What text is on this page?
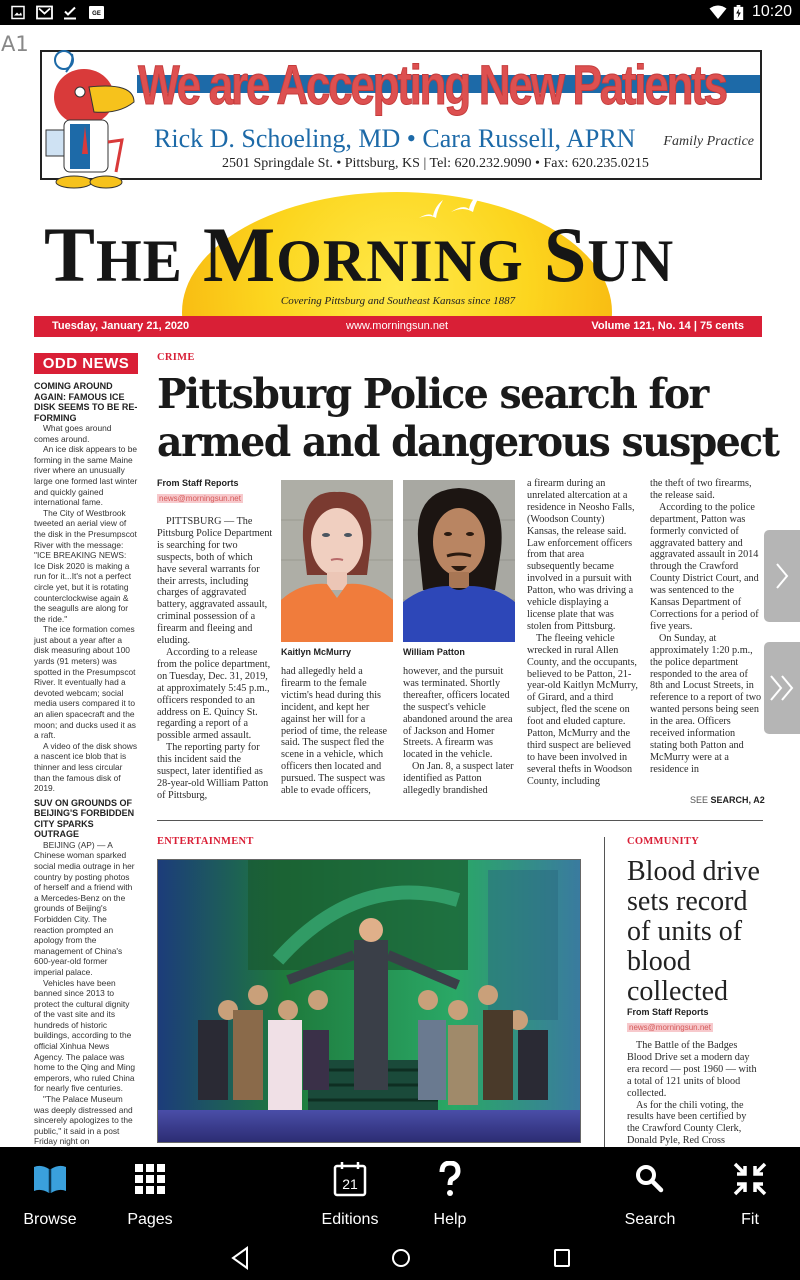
GE	10:20
A1
We are Accepting New Patients
Rick D. Schoeling, MD • Cara Russell, APRN Family Practice
2501 Springdale St. • Pittsburg, KS | Tel: 620.232.9090 • Fax: 620.235.0215
THE MORNING SUN
Covering Pittsburg and Southeast Kansas since 1887
Tuesday, January 21, 2020	www.morningsun.net	Volume 121, No. 14 | 75 cents
ODD NEWS
COMING AROUND AGAIN: FAMOUS ICE DISK SEEMS TO BE RE-FORMING

What goes around comes around.

An ice disk appears to be forming in the same Maine river where an unusually large one formed last winter and quickly gained international fame.

The City of Westbrook tweeted an aerial view of the disk in the Presumpscot River with the message: "ICE BREAKING NEWS: Ice Disk 2020 is making a run for it...It's not a perfect circle yet, but it is rotating counterclockwise again & the seagulls are along for the ride."

The ice formation comes just about a year after a disk measuring about 100 yards (91 meters) was spotted in the Presumpscot River. It eventually had a devoted webcam; social media users compared it to an alien spacecraft and the moon; and ducks used it as a raft.

A video of the disk shows a nascent ice blob that is thinner and less circular than the famous disk of 2019.

SUV ON GROUNDS OF BEIJING'S FORBIDDEN CITY SPARKS OUTRAGE

BEIJING (AP) — A Chinese woman sparked social media outrage in her country by posting photos of herself and a friend with a Mercedes-Benz on the grounds of Beijing's Forbidden City. The reaction prompted an apology from the management of China's 600-year-old former imperial palace.

Vehicles have been banned since 2013 to protect the cultural dignity of the vast site and its hundreds of historic buildings, according to the official Xinhua News Agency. The palace was home to the Qing and Ming emperors, who ruled China for nearly five centuries.

"The Palace Museum was deeply distressed and sincerely apologizes to the public," it said in a post Friday night on

CRIME
Pittsburg Police search for
armed and dangerous suspect
From Staff Reports
news@morningsun.net

PITTSBURG — The Pittsburg Police Department is searching for two suspects, both of which have several warrants for their arrests, including charges of aggravated battery, aggravated assault, criminal possession of a firearm and fleeing and eluding.

According to a release from the police department, on Tuesday, Dec. 31, 2019, at approximately 5:45 p.m., officers responded to an address on E. Quincy St. regarding a report of a possible armed assault.

The reporting party for this incident said the suspect, later identified as 28-year-old William Patton of Pittsburg,

Kaitlyn McMurry	William Patton

had allegedly held a firearm to the female victim's head during this incident, and kept her against her will for a period of time, the release said. The suspect fled the scene in a vehicle, which officers then located and pursued. The suspect was able to evade officers,

however, and the pursuit was terminated. Shortly thereafter, officers located the suspect's vehicle abandoned around the area of Jackson and Homer Streets. A firearm was located in the vehicle.

On Jan. 8, a suspect later identified as Patton allegedly brandished

a firearm during an unrelated altercation at a residence in Neosho Falls, (Woodson County) Kansas, the release said. Law enforcement officers from that area subsequently became involved in a pursuit with Patton, who was driving a vehicle displaying a license plate that was stolen from Pittsburg.

The fleeing vehicle wrecked in rural Allen County, and the occupants, believed to be Patton, 21-year-old Kaitlyn McMurry, of Girard, and a third subject, fled the scene on foot and eluded capture. Patton, McMurry and the third suspect are believed to have been involved in several thefts in Woodson County, including

the theft of two firearms, the release said.

According to the police department, Patton was formerly convicted of aggravated battery and aggravated assault in 2014 through the Crawford County District Court, and was sentenced to the Kansas Department of Corrections for a period of five years.

On Sunday, at approximately 1:20 p.m., the police department responded to the area of 8th and Locust Streets, in reference to a report of two wanted persons being seen in the area. Officers received information stating both Patton and McMurry were at a residence in

SEE SEARCH, A2
ENTERTAINMENT	COMMUNITY
Blood drive sets record of units of blood collected
From Staff Reports
news@morningsun.net

The Battle of the Badges Blood Drive set a modern day era record — post 1960 — with a total of 121 units of blood collected.

As for the chili voting, the results have been certified by the Crawford County Clerk, Donald Pyle, Red Cross

Browse	Pages
21
Editions	Help	Search	Fit
